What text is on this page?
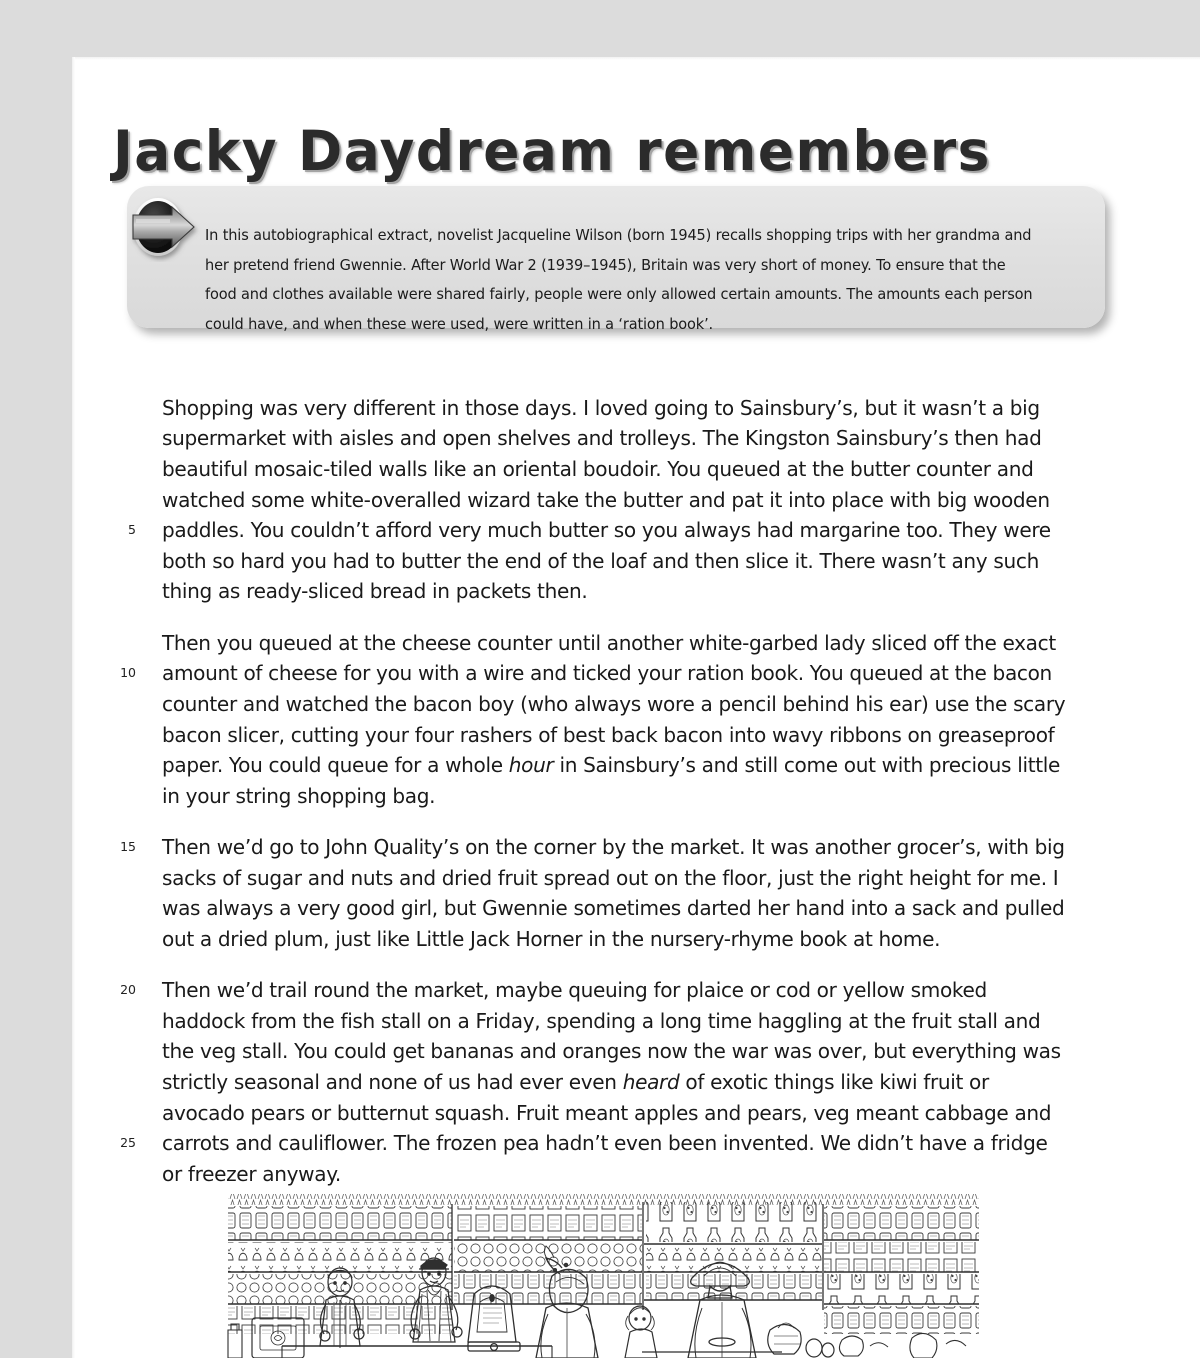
Jacky Daydream remembers

In this autobiographical extract, novelist Jacqueline Wilson (born 1945) recalls shopping trips with her grandma and her pretend friend Gwennie. After World War 2 (1939–1945), Britain was very short of money. To ensure that the food and clothes available were shared fairly, people were only allowed certain amounts. The amounts each person could have, and when these were used, were written in a ‘ration book’.

5

Shopping was very different in those days. I loved going to Sainsbury’s, but it wasn’t a big supermarket with aisles and open shelves and trolleys. The Kingston Sainsbury’s then had beautiful mosaic-tiled walls like an oriental boudoir. You queued at the butter counter and watched some white-overalled wizard take the butter and pat it into place with big wooden paddles. You couldn’t afford very much butter so you always had margarine too. They were both so hard you had to butter the end of the loaf and then slice it. There wasn’t any such thing as ready-sliced bread in packets then.

10

Then you queued at the cheese counter until another white-garbed lady sliced off the exact amount of cheese for you with a wire and ticked your ration book. You queued at the bacon counter and watched the bacon boy (who always wore a pencil behind his ear) use the scary bacon slicer, cutting your four rashers of best back bacon into wavy ribbons on greaseproof paper. You could queue for a whole hour in Sainsbury’s and still come out with precious little in your string shopping bag.

15 Then we’d go to John Quality’s on the corner by the market. It was another grocer’s, with big sacks of sugar and nuts and dried fruit spread out on the floor, just the right height for me. I was always a very good girl, but Gwennie sometimes darted her hand into a sack and pulled out a dried plum, just like Little Jack Horner in the nursery-rhyme book at home.

20
25

Then we’d trail round the market, maybe queuing for plaice or cod or yellow smoked haddock from the fish stall on a Friday, spending a long time haggling at the fruit stall and the veg stall. You could get bananas and oranges now the war was over, but everything was strictly seasonal and none of us had ever even heard of exotic things like kiwi fruit or avocado pears or butternut squash. Fruit meant apples and pears, veg meant cabbage and carrots and cauliflower. The frozen pea hadn’t even been invented. We didn’t have a fridge or freezer anyway.
